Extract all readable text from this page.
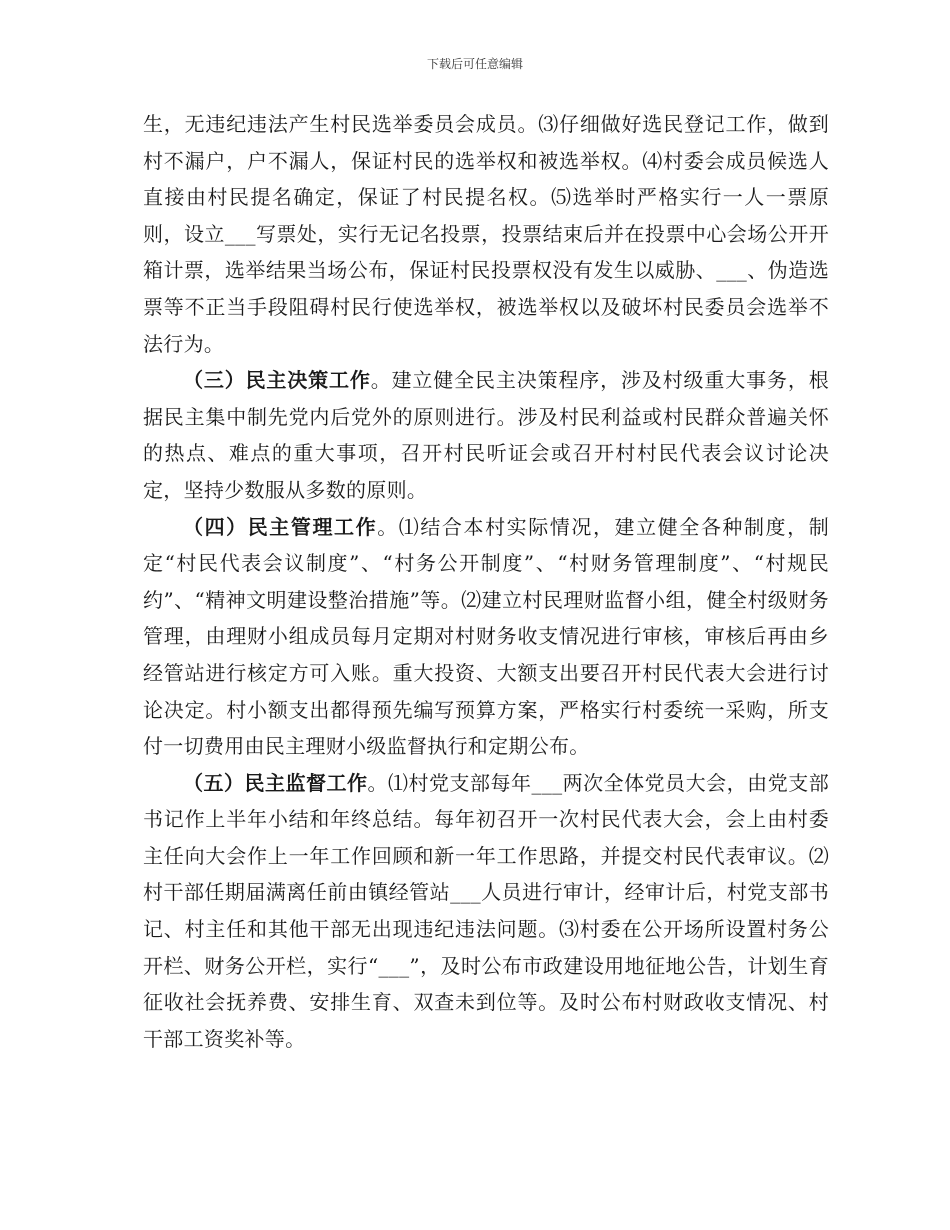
下载后可任意编辑

生，无违纪违法产生村民选举委员会成员。⑶仔细做好选民登记工作，做到村不漏户，户不漏人，保证村民的选举权和被选举权。⑷村委会成员候选人直接由村民提名确定，保证了村民提名权。⑸选举时严格实行一人一票原则，设立___写票处，实行无记名投票，投票结束后并在投票中心会场公开开箱计票，选举结果当场公布，保证村民投票权没有发生以威胁、___、伪造选票等不正当手段阻碍村民行使选举权，被选举权以及破坏村民委员会选举不法行为。

（三）民主决策工作。建立健全民主决策程序，涉及村级重大事务，根据民主集中制先党内后党外的原则进行。涉及村民利益或村民群众普遍关怀的热点、难点的重大事项，召开村民听证会或召开村村民代表会议讨论决定，坚持少数服从多数的原则。

（四）民主管理工作。⑴结合本村实际情况，建立健全各种制度，制定“村民代表会议制度”、“村务公开制度”、“村财务管理制度”、“村规民约”、“精神文明建设整治措施”等。⑵建立村民理财监督小组，健全村级财务管理，由理财小组成员每月定期对村财务收支情况进行审核，审核后再由乡经管站进行核定方可入账。重大投资、大额支出要召开村民代表大会进行讨论决定。村小额支出都得预先编写预算方案，严格实行村委统一采购，所支付一切费用由民主理财小级监督执行和定期公布。

（五）民主监督工作。⑴村党支部每年___两次全体党员大会，由党支部书记作上半年小结和年终总结。每年初召开一次村民代表大会，会上由村委主任向大会作上一年工作回顾和新一年工作思路，并提交村民代表审议。⑵村干部任期届满离任前由镇经管站___人员进行审计，经审计后，村党支部书记、村主任和其他干部无出现违纪违法问题。⑶村委在公开场所设置村务公开栏、财务公开栏，实行“___”，及时公布市政建设用地征地公告，计划生育征收社会抚养费、安排生育、双查未到位等。及时公布村财政收支情况、村干部工资奖补等。
